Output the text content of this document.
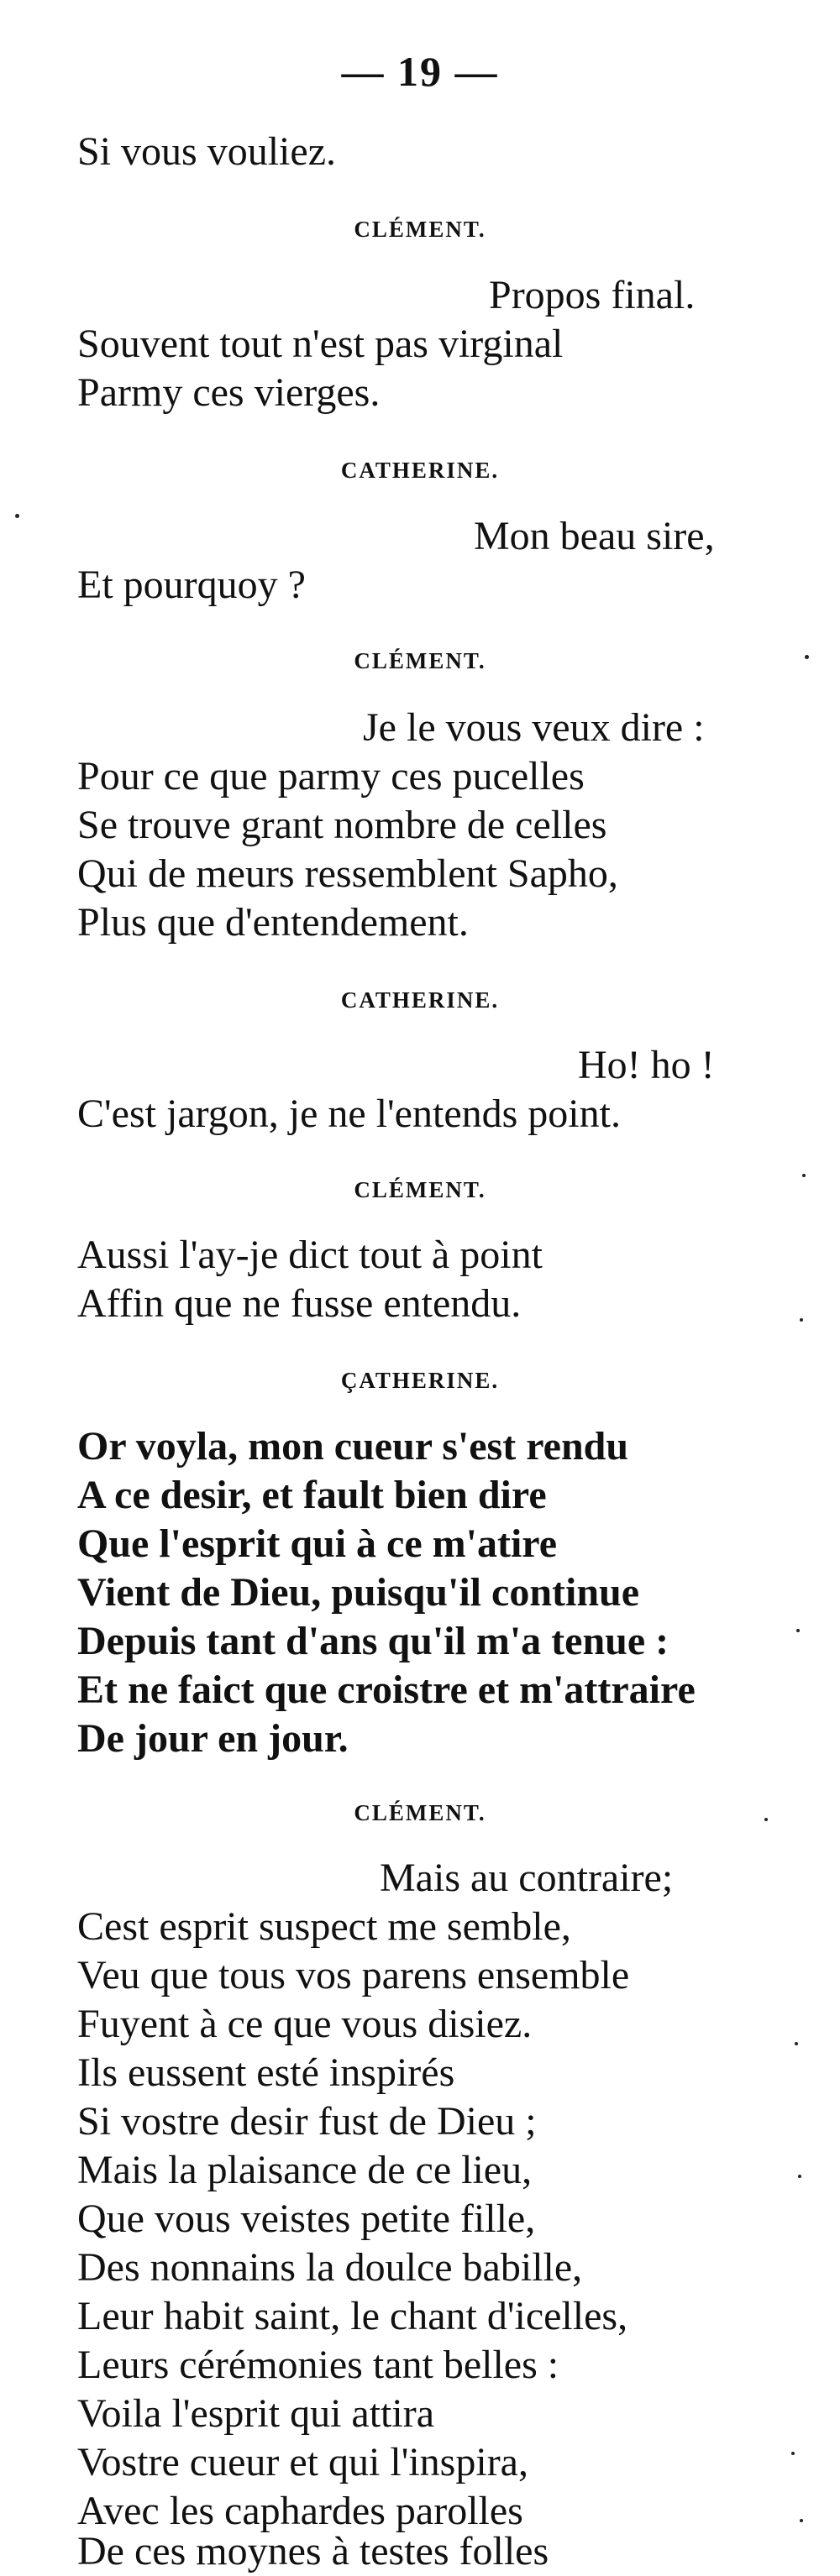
— 19 —
Si vous vouliez.
CLÉMENT.
Propos final.
Souvent tout n'est pas virginal
Parmy ces vierges.
CATHERINE.
Mon beau sire,
Et pourquoy ?
CLÉMENT.
Je le vous veux dire :
Pour ce que parmy ces pucelles
Se trouve grant nombre de celles
Qui de meurs ressemblent Sapho,
Plus que d'entendement.
CATHERINE.
Ho! ho !
C'est jargon, je ne l'entends point.
CLÉMENT.
Aussi l'ay-je dict tout à point
Affin que ne fusse entendu.
ÇATHERINE.
Or voyla, mon cueur s'est rendu
A ce desir, et fault bien dire
Que l'esprit qui à ce m'atire
Vient de Dieu, puisqu'il continue
Depuis tant d'ans qu'il m'a tenue :
Et ne faict que croistre et m'attraire
De jour en jour.
CLÉMENT.
Mais au contraire;
Cest esprit suspect me semble,
Veu que tous vos parens ensemble
Fuyent à ce que vous disiez.
Ils eussent esté inspirés
Si vostre desir fust de Dieu ;
Mais la plaisance de ce lieu,
Que vous veistes petite fille,
Des nonnains la doulce babille,
Leur habit saint, le chant d'icelles,
Leurs cérémonies tant belles :
Voila l'esprit qui attira
Vostre cueur et qui l'inspira,
Avec les caphardes parolles
De ces moynes à testes folles
